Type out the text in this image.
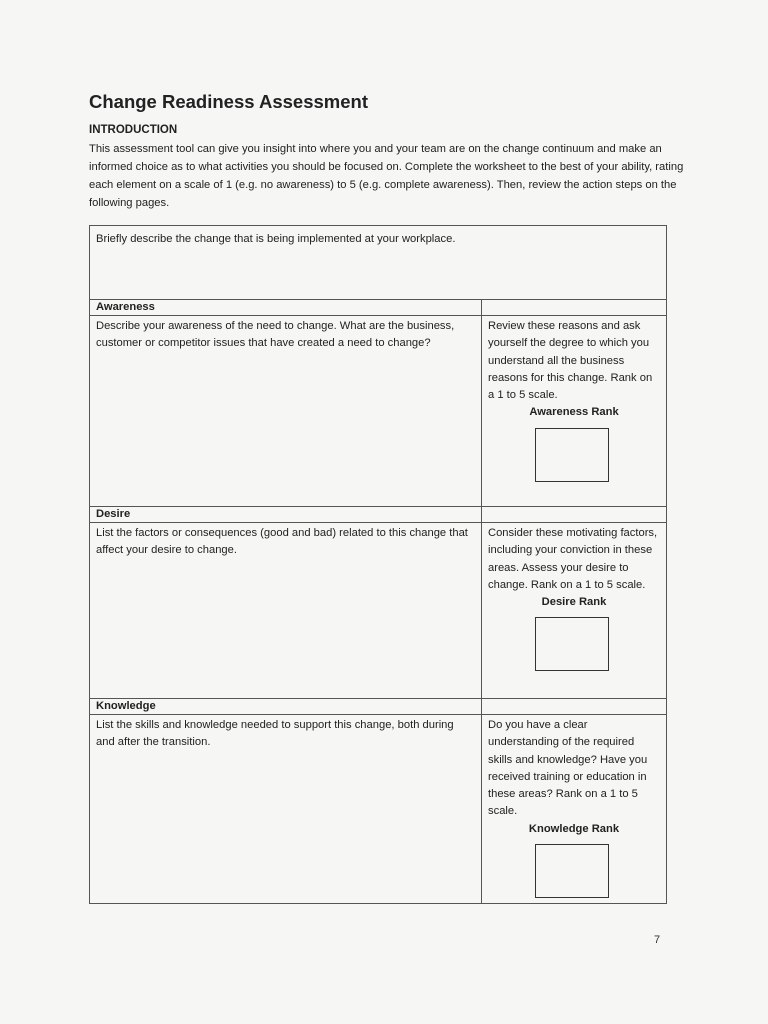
Change Readiness Assessment
INTRODUCTION

This assessment tool can give you insight into where you and your team are on the change continuum and make an informed choice as to what activities you should be focused on. Complete the worksheet to the best of your ability, rating each element on a scale of 1 (e.g. no awareness) to 5 (e.g. complete awareness). Then, review the action steps on the following pages.

Briefly describe the change that is being implemented at your workplace.	
Awareness	
Describe your awareness of the need to change. What are the business, customer or competitor issues that have created a need to change?	Review these reasons and ask yourself the degree to which you understand all the business reasons for this change. Rank on a 1 to 5 scale.
Awareness Rank

Desire	
List the factors or consequences (good and bad) related to this change that affect your desire to change.	Consider these motivating factors, including your conviction in these areas. Assess your desire to change. Rank on a 1 to 5 scale.
Desire Rank

Knowledge	
List the skills and knowledge needed to support this change, both during and after the transition.	Do you have a clear understanding of the required skills and knowledge? Have you received training or education in these areas? Rank on a 1 to 5 scale.
Knowledge Rank
7
